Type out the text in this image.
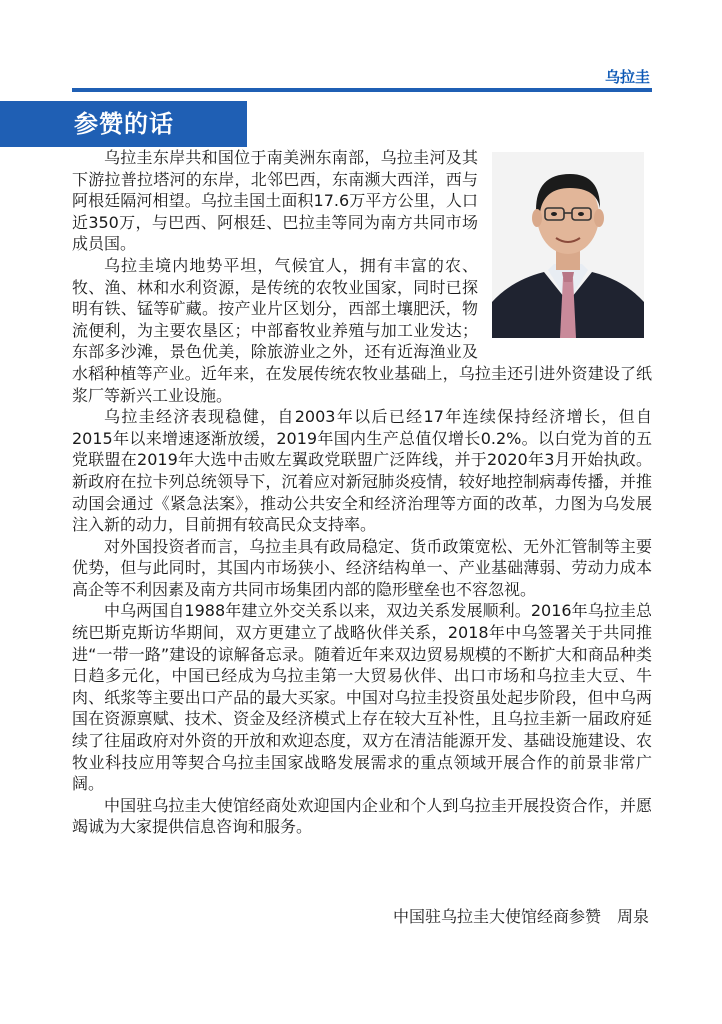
乌拉圭
参赞的话

乌拉圭东岸共和国位于南美洲东南部，乌拉圭河及其下游拉普拉塔河的东岸，北邻巴西，东南濒大西洋，西与阿根廷隔河相望。乌拉圭国土面积17.6万平方公里，人口近350万，与巴西、阿根廷、巴拉圭等同为南方共同市场成员国。

乌拉圭境内地势平坦，气候宜人，拥有丰富的农、牧、渔、林和水利资源，是传统的农牧业国家，同时已探明有铁、锰等矿藏。按产业片区划分，西部土壤肥沃，物流便利，为主要农垦区；中部畜牧业养殖与加工业发达；东部多沙滩，景色优美，除旅游业之外，还有近海渔业及水稻种植等产业。近年来，在发展传统农牧业基础上，乌拉圭还引进外资建设了纸浆厂等新兴工业设施。

乌拉圭经济表现稳健，自2003年以后已经17年连续保持经济增长，但自2015年以来增速逐渐放缓，2019年国内生产总值仅增长0.2%。以白党为首的五党联盟在2019年大选中击败左翼政党联盟广泛阵线，并于2020年3月开始执政。新政府在拉卡列总统领导下，沉着应对新冠肺炎疫情，较好地控制病毒传播，并推动国会通过《紧急法案》，推动公共安全和经济治理等方面的改革，力图为乌发展注入新的动力，目前拥有较高民众支持率。

对外国投资者而言，乌拉圭具有政局稳定、货币政策宽松、无外汇管制等主要优势，但与此同时，其国内市场狭小、经济结构单一、产业基础薄弱、劳动力成本高企等不利因素及南方共同市场集团内部的隐形壁垒也不容忽视。

中乌两国自1988年建立外交关系以来，双边关系发展顺利。2016年乌拉圭总统巴斯克斯访华期间，双方更建立了战略伙伴关系，2018年中乌签署关于共同推进“一带一路”建设的谅解备忘录。随着近年来双边贸易规模的不断扩大和商品种类日趋多元化，中国已经成为乌拉圭第一大贸易伙伴、出口市场和乌拉圭大豆、牛肉、纸浆等主要出口产品的最大买家。中国对乌拉圭投资虽处起步阶段，但中乌两国在资源禀赋、技术、资金及经济模式上存在较大互补性，且乌拉圭新一届政府延续了往届政府对外资的开放和欢迎态度，双方在清洁能源开发、基础设施建设、农牧业科技应用等契合乌拉圭国家战略发展需求的重点领域开展合作的前景非常广阔。

中国驻乌拉圭大使馆经商处欢迎国内企业和个人到乌拉圭开展投资合作，并愿竭诚为大家提供信息咨询和服务。

中国驻乌拉圭大使馆经商参赞　周泉
